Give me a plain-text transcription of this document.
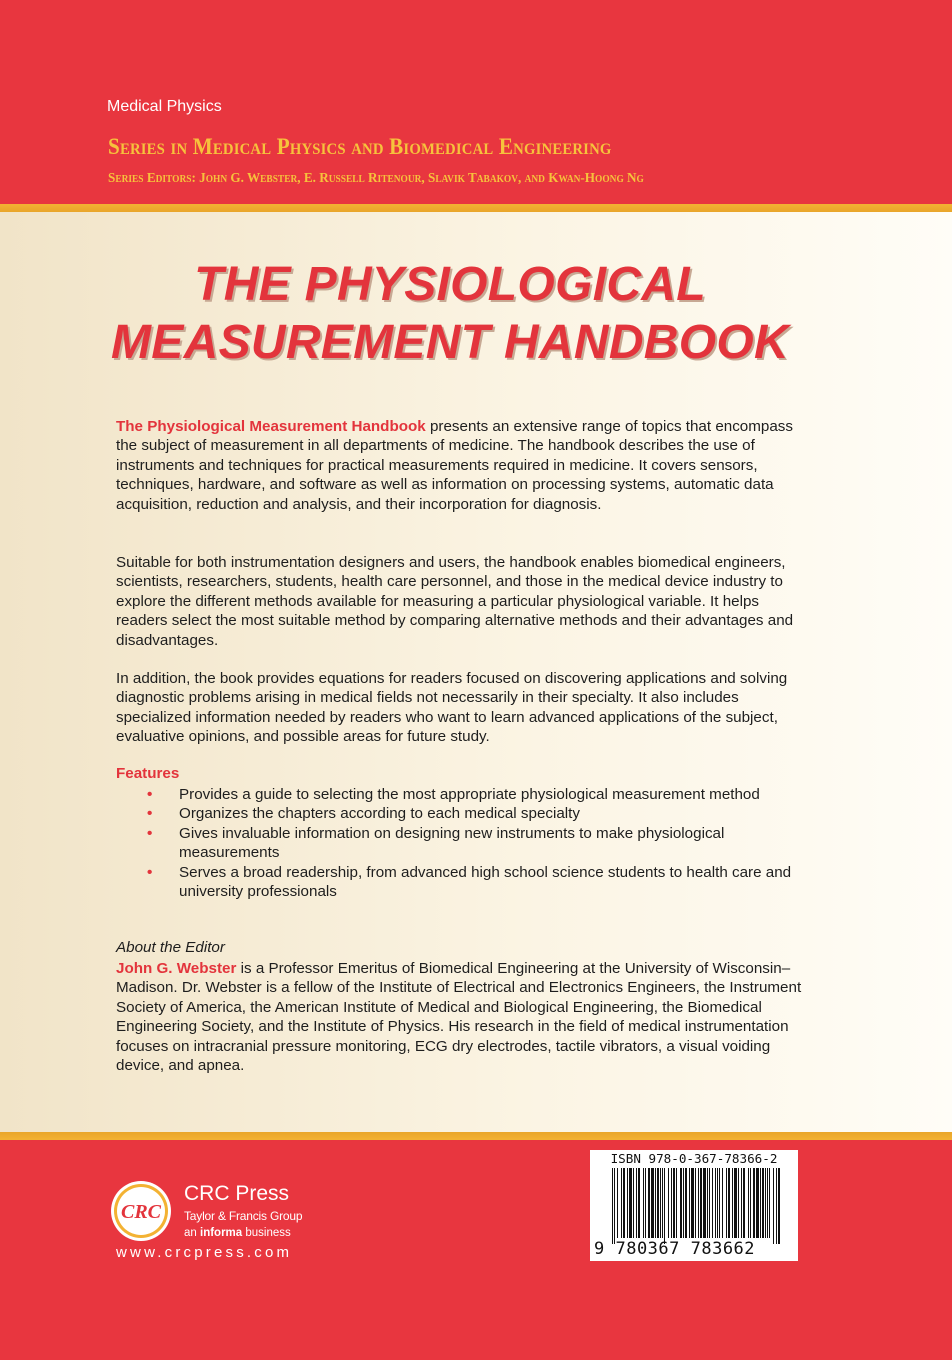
Medical Physics
Series in Medical Physics and Biomedical Engineering
Series Editors: John G. Webster, E. Russell Ritenour, Slavik Tabakov, and Kwan-Hoong Ng
THE PHYSIOLOGICAL
MEASUREMENT HANDBOOK
The Physiological Measurement Handbook presents an extensive range of topics that encompass the subject of measurement in all departments of medicine. The handbook describes the use of instruments and techniques for practical measurements required in medicine. It covers sensors, techniques, hardware, and software as well as information on processing systems, automatic data acquisition, reduction and analysis, and their incorporation for diagnosis.
Suitable for both instrumentation designers and users, the handbook enables biomedical engineers, scientists, researchers, students, health care personnel, and those in the medical device industry to explore the different methods available for measuring a particular physiological variable. It helps readers select the most suitable method by comparing alternative methods and their advantages and disadvantages.
In addition, the book provides equations for readers focused on discovering applications and solving diagnostic problems arising in medical fields not necessarily in their specialty. It also includes specialized information needed by readers who want to learn advanced applications of the subject, evaluative opinions, and possible areas for future study.
Features
• Provides a guide to selecting the most appropriate physiological measurement method
• Organizes the chapters according to each medical specialty
• Gives invaluable information on designing new instruments to make physiological measurements
• Serves a broad readership, from advanced high school science students to health care and university professionals
About the Editor
John G. Webster is a Professor Emeritus of Biomedical Engineering at the University of Wisconsin–Madison. Dr. Webster is a fellow of the Institute of Electrical and Electronics Engineers, the Instrument Society of America, the American Institute of Medical and Biological Engineering, the Biomedical Engineering Society, and the Institute of Physics. His research in the field of medical instrumentation focuses on intracranial pressure monitoring, ECG dry electrodes, tactile vibrators, a visual voiding device, and apnea.
CRC
CRC Press
Taylor & Francis Group
an informa business
www.crcpress.com
ISBN 978-0-367-78366-2
9 780367 783662
